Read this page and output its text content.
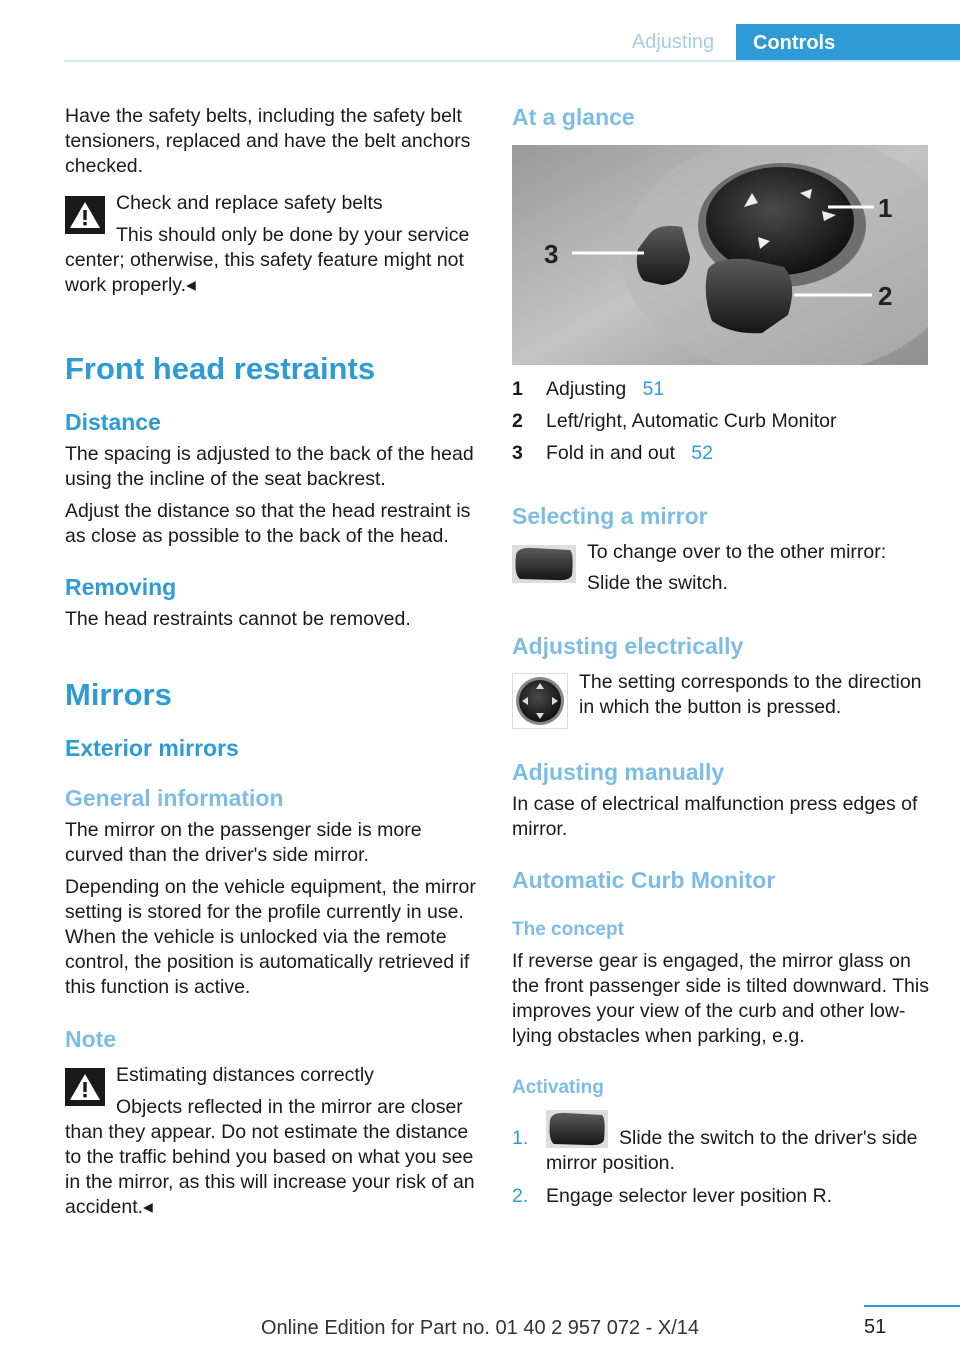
Adjusting	Controls
Have the safety belts, including the safety belt tensioners, replaced and have the belt anchors checked.
Check and replace safety belts
This should only be done by your service center; otherwise, this safety feature might not work properly.◂
Front head restraints
Distance
The spacing is adjusted to the back of the head using the incline of the seat backrest.
Adjust the distance so that the head restraint is as close as possible to the back of the head.
Removing
The head restraints cannot be removed.
Mirrors
Exterior mirrors
General information
The mirror on the passenger side is more curved than the driver's side mirror.
Depending on the vehicle equipment, the mirror setting is stored for the profile currently in use. When the vehicle is unlocked via the remote control, the position is automatically retrieved if this function is active.
Note
Estimating distances correctly
Objects reflected in the mirror are closer than they appear. Do not estimate the distance to the traffic behind you based on what you see in the mirror, as this will increase your risk of an accident.◂
At a glance
3
1
2
1 Adjusting 51
2 Left/right, Automatic Curb Monitor
3 Fold in and out 52
Selecting a mirror
To change over to the other mirror:
Slide the switch.
Adjusting electrically
The setting corresponds to the direction in which the button is pressed.
Adjusting manually
In case of electrical malfunction press edges of mirror.
Automatic Curb Monitor
The concept
If reverse gear is engaged, the mirror glass on the front passenger side is tilted downward. This improves your view of the curb and other low-lying obstacles when parking, e.g.
Activating
1.	Slide the switch to the driver's side mirror position.
2. Engage selector lever position R.
51
Online Edition for Part no. 01 40 2 957 072 - X/14
